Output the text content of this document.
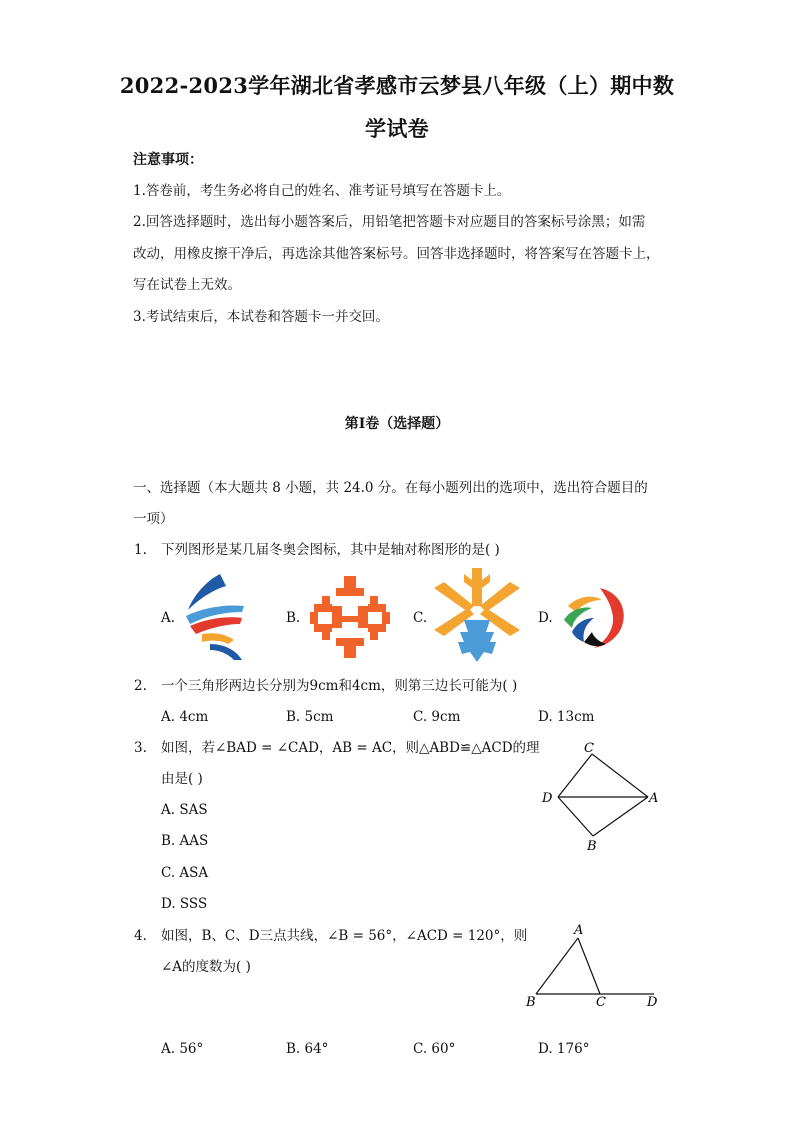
2022-2023学年湖北省孝感市云梦县八年级（上）期中数
学试卷
注意事项：
1.答卷前，考生务必将自己的姓名、准考证号填写在答题卡上。
2.回答选择题时，选出每小题答案后，用铅笔把答题卡对应题目的答案标号涂黑；如需
改动，用橡皮擦干净后，再选涂其他答案标号。回答非选择题时，将答案写在答题卡上，
写在试卷上无效。
3.考试结束后，本试卷和答题卡一并交回。
第I卷（选择题）
一、选择题（本大题共 8 小题，共 24.0 分。在每小题列出的选项中，选出符合题目的
一项）
1. 下列图形是某几届冬奥会图标，其中是轴对称图形的是( )
A.	B.	C.	D.
2. 一个三角形两边长分别为9cm和4cm，则第三边长可能为( )
A. 4cm	B. 5cm	C. 9cm	D. 13cm
3. 如图，若∠BAD = ∠CAD，AB = AC，则△ABD≌△ACD的理
由是( )
A. SAS
B. AAS
C. ASA
D. SSS
C
D	A
B
4. 如图，B、C、D三点共线，∠B = 56°，∠ACD = 120°，则
∠A的度数为( )
A
B	C	D
A. 56°	B. 64°	C. 60°	D. 176°
